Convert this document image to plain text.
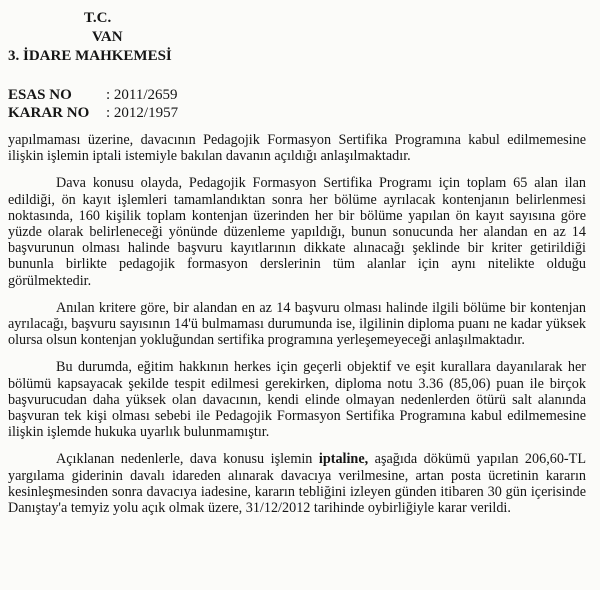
T.C.
VAN
3. İDARE MAHKEMESİ
ESAS NO : 2011/2659
KARAR NO : 2012/1957

yapılmaması üzerine, davacının Pedagojik Formasyon Sertifika Programına kabul edilmemesine ilişkin işlemin iptali istemiyle bakılan davanın açıldığı anlaşılmaktadır.

Dava konusu olayda, Pedagojik Formasyon Sertifika Programı için toplam 65 alan ilan edildiği, ön kayıt işlemleri tamamlandıktan sonra her bölüme ayrılacak kontenjanın belirlenmesi noktasında, 160 kişilik toplam kontenjan üzerinden her bir bölüme yapılan ön kayıt sayısına göre yüzde olarak belirleneceği yönünde düzenleme yapıldığı, bunun sonucunda her alandan en az 14 başvurunun olması halinde başvuru kayıtlarının dikkate alınacağı şeklinde bir kriter getirildiği bununla birlikte pedagojik formasyon derslerinin tüm alanlar için aynı nitelikte olduğu görülmektedir.

Anılan kritere göre, bir alandan en az 14 başvuru olması halinde ilgili bölüme bir kontenjan ayrılacağı, başvuru sayısının 14'ü bulmaması durumunda ise, ilgilinin diploma puanı ne kadar yüksek olursa olsun kontenjan yokluğundan sertifika programına yerleşemeyeceği anlaşılmaktadır.

Bu durumda, eğitim hakkının herkes için geçerli objektif ve eşit kurallara dayanılarak her bölümü kapsayacak şekilde tespit edilmesi gerekirken, diploma notu 3.36 (85,06) puan ile birçok başvurucudan daha yüksek olan davacının, kendi elinde olmayan nedenlerden ötürü salt alanında başvuran tek kişi olması sebebi ile Pedagojik Formasyon Sertifika Programına kabul edilmemesine ilişkin işlemde hukuka uyarlık bulunmamıştır.

Açıklanan nedenlerle, dava konusu işlemin iptaline, aşağıda dökümü yapılan 206,60-TL yargılama giderinin davalı idareden alınarak davacıya verilmesine, artan posta ücretinin kararın kesinleşmesinden sonra davacıya iadesine, kararın tebliğini izleyen günden itibaren 30 gün içerisinde Danıştay'a temyiz yolu açık olmak üzere, 31/12/2012 tarihinde oybirliğiyle karar verildi.
